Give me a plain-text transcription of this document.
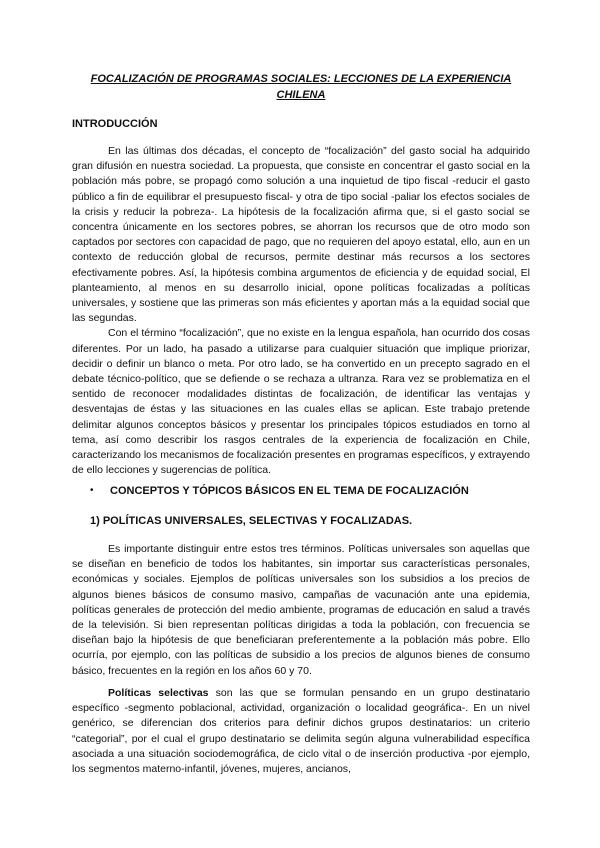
FOCALIZACIÓN DE PROGRAMAS SOCIALES: LECCIONES DE LA EXPERIENCIA CHILENA
INTRODUCCIÓN

En las últimas dos décadas, el concepto de “focalización” del gasto social ha adquirido gran difusión en nuestra sociedad. La propuesta, que consiste en concentrar el gasto social en la población más pobre, se propagó como solución a una inquietud de tipo fiscal -reducir el gasto público a fin de equilibrar el presupuesto fiscal- y otra de tipo social -paliar los efectos sociales de la crisis y reducir la pobreza-. La hipótesis de la focalización afirma que, si el gasto social se concentra únicamente en los sectores pobres, se ahorran los recursos que de otro modo son captados por sectores con capacidad de pago, que no requieren del apoyo estatal, ello, aun en un contexto de reducción global de recursos, permite destinar más recursos a los sectores efectivamente pobres. Así, la hipótesis combina argumentos de eficiencia y de equidad social, El planteamiento, al menos en su desarrollo inicial, opone políticas focalizadas a políticas universales, y sostiene que las primeras son más eficientes y aportan más a la equidad social que las segundas.

Con el término “focalización”, que no existe en la lengua española, han ocurrido dos cosas diferentes. Por un lado, ha pasado a utilizarse para cualquier situación que implique priorizar, decidir o definir un blanco o meta. Por otro lado, se ha convertido en un precepto sagrado en el debate técnico-político, que se defiende o se rechaza a ultranza. Rara vez se problematiza en el sentido de reconocer modalidades distintas de focalización, de identificar las ventajas y desventajas de éstas y las situaciones en las cuales ellas se aplican. Este trabajo pretende delimitar algunos conceptos básicos y presentar los principales tópicos estudiados en torno al tema, así como describir los rasgos centrales de la experiencia de focalización en Chile, caracterizando los mecanismos de focalización presentes en programas específicos, y extrayendo de ello lecciones y sugerencias de política.

• CONCEPTOS Y TÓPICOS BÁSICOS EN EL TEMA DE FOCALIZACIÓN
1) POLÍTICAS UNIVERSALES, SELECTIVAS Y FOCALIZADAS.

Es importante distinguir entre estos tres términos. Políticas universales son aquellas que se diseñan en beneficio de todos los habitantes, sin importar sus características personales, económicas y sociales. Ejemplos de políticas universales son los subsidios a los precios de algunos bienes básicos de consumo masivo, campañas de vacunación ante una epidemia, políticas generales de protección del medio ambiente, programas de educación en salud a través de la televisión. Si bien representan políticas dirigidas a toda la población, con frecuencia se diseñan bajo la hipótesis de que beneficiaran preferentemente a la población más pobre. Ello ocurría, por ejemplo, con las políticas de subsidio a los precios de algunos bienes de consumo básico, frecuentes en la región en los años 60 y 70.

Políticas selectivas son las que se formulan pensando en un grupo destinatario específico -segmento poblacional, actividad, organización o localidad geográfica-. En un nivel genérico, se diferencian dos criterios para definir dichos grupos destinatarios: un criterio “categorial”, por el cual el grupo destinatario se delimita según alguna vulnerabilidad específica asociada a una situación sociodemográfica, de ciclo vital o de inserción productiva -por ejemplo, los segmentos materno-infantil, jóvenes, mujeres, ancianos,
